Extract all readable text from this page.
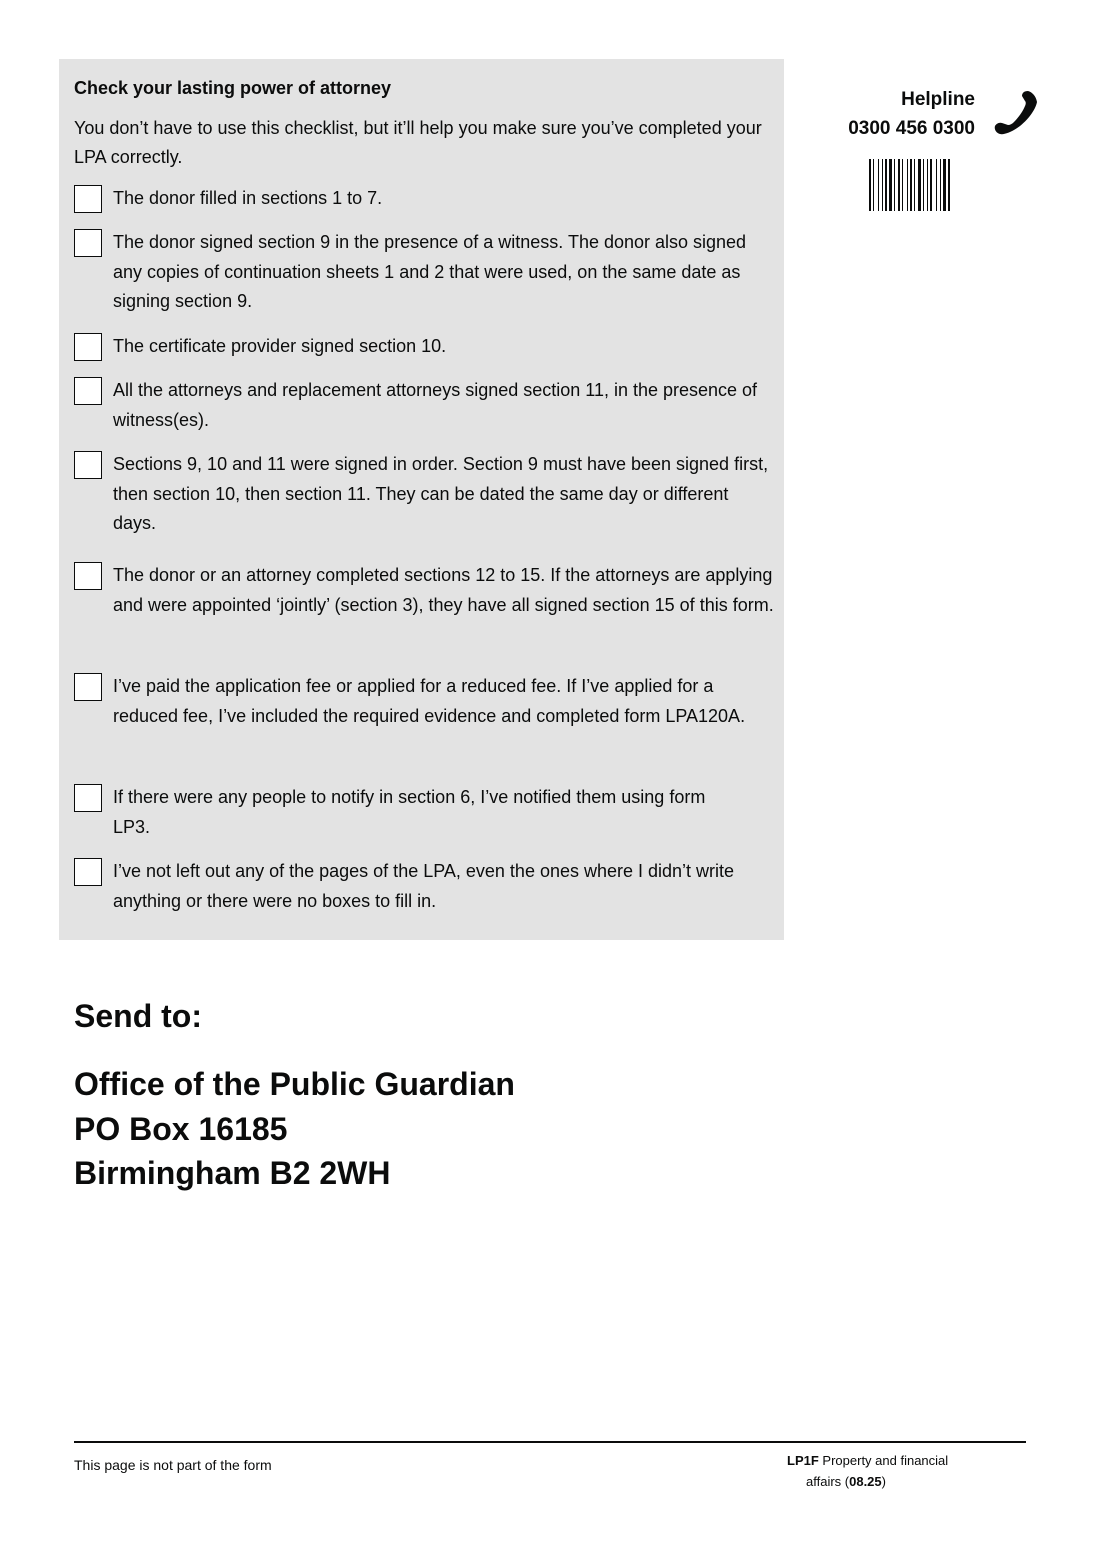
Check your lasting power of attorney
You don’t have to use this checklist, but it’ll help you make sure you’ve completed your LPA correctly.
The donor filled in sections 1 to 7.
The donor signed section 9 in the presence of a witness. The donor also signed any copies of continuation sheets 1 and 2 that were used, on the same date as signing section 9.
The certificate provider signed section 10.
All the attorneys and replacement attorneys signed section 11, in the presence of witness(es).
Sections 9, 10 and 11 were signed in order. Section 9 must have been signed first, then section 10, then section 11. They can be dated the same day or different days.
The donor or an attorney completed sections 12 to 15. If the attorneys are applying and were appointed ‘jointly’ (section 3), they have all signed section 15 of this form.
I’ve paid the application fee or applied for a reduced fee. If I’ve applied for a reduced fee, I’ve included the required evidence and completed form LPA120A.
If there were any people to notify in section 6, I’ve notified them using form LP3.
I’ve not left out any of the pages of the LPA, even the ones where I didn’t write anything or there were no boxes to fill in.
Helpline
0300 456 0300
Send to:
Office of the Public Guardian
PO Box 16185
Birmingham B2 2WH
This page is not part of the form	LP1F Property and financial
affairs (08.25)
